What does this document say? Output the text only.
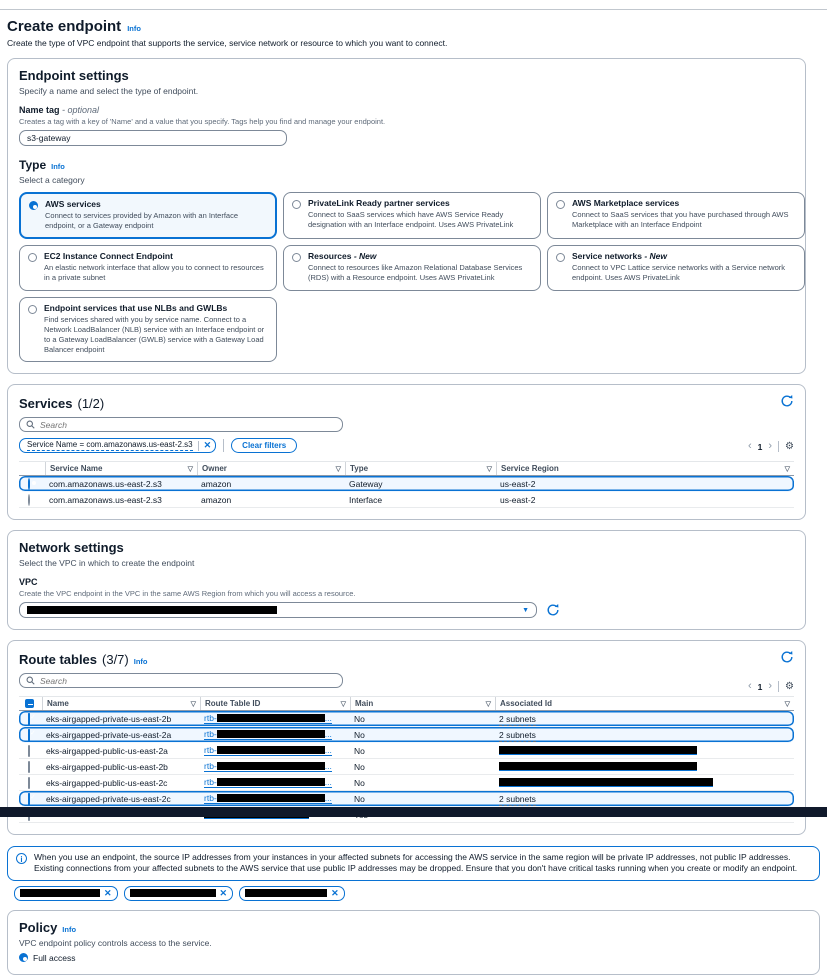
Create endpoint Info
Create the type of VPC endpoint that supports the service, service network or resource to which you want to connect.
Endpoint settings
Specify a name and select the type of endpoint.
Name tag - optional
Creates a tag with a key of 'Name' and a value that you specify. Tags help you find and manage your endpoint.
s3-gateway
Type Info
Select a category
AWS services
Connect to services provided by Amazon with an Interface endpoint, or a Gateway endpoint
PrivateLink Ready partner services
Connect to SaaS services which have AWS Service Ready designation with an Interface endpoint. Uses AWS PrivateLink
AWS Marketplace services
Connect to SaaS services that you have purchased through AWS Marketplace with an Interface Endpoint
EC2 Instance Connect Endpoint
An elastic network interface that allow you to connect to resources in a private subnet
Resources - New
Connect to resources like Amazon Relational Database Services (RDS) with a Resource endpoint. Uses AWS PrivateLink
Service networks - New
Connect to VPC Lattice service networks with a Service network endpoint. Uses AWS PrivateLink
Endpoint services that use NLBs and GWLBs
Find services shared with you by service name. Connect to a Network LoadBalancer (NLB) service with an Interface endpoint or to a Gateway LoadBalancer (GWLB) service with a Gateway Load Balancer endpoint
Services (1/2)
Search
Service Name = com.amazonaws.us-east-2.s3 ✕	Clear filters	‹ 1 › ⚙
Service Name	▽ Owner	▽ Type	▽ Service Region	▽
com.amazonaws.us-east-2.s3	amazon	Gateway	us-east-2
com.amazonaws.us-east-2.s3	amazon	Interface	us-east-2
Network settings
Select the VPC in which to create the endpoint
VPC
Create the VPC endpoint in the VPC in the same AWS Region from which you will access a resource.
▼
Route tables (3/7) Info
Search
‹ 1 › ⚙
Name	▽ Route Table ID	▽ Main	▽ Associated Id	▽
✓
eks-airgapped-private-us-east-2b	rtb-	...	No	2 subnets
✓
eks-airgapped-private-us-east-2a	rtb-	...	No	2 subnets
eks-airgapped-public-us-east-2a	rtb-	...	No
eks-airgapped-public-us-east-2b	rtb-	...	No
eks-airgapped-public-us-east-2c	rtb-	...	No
✓
eks-airgapped-private-us-east-2c	rtb-	...	No	2 subnets
i	When you use an endpoint, the source IP addresses from your instances in your affected subnets for accessing the AWS service in the same region will be private IP addresses, not public IP addresses. Existing connections from your affected subnets to the AWS service that use public IP addresses may be dropped. Ensure that you don't have critical tasks running when you create or modify an endpoint.
✕	✕	✕
Policy Info
VPC endpoint policy controls access to the service.
Full access
